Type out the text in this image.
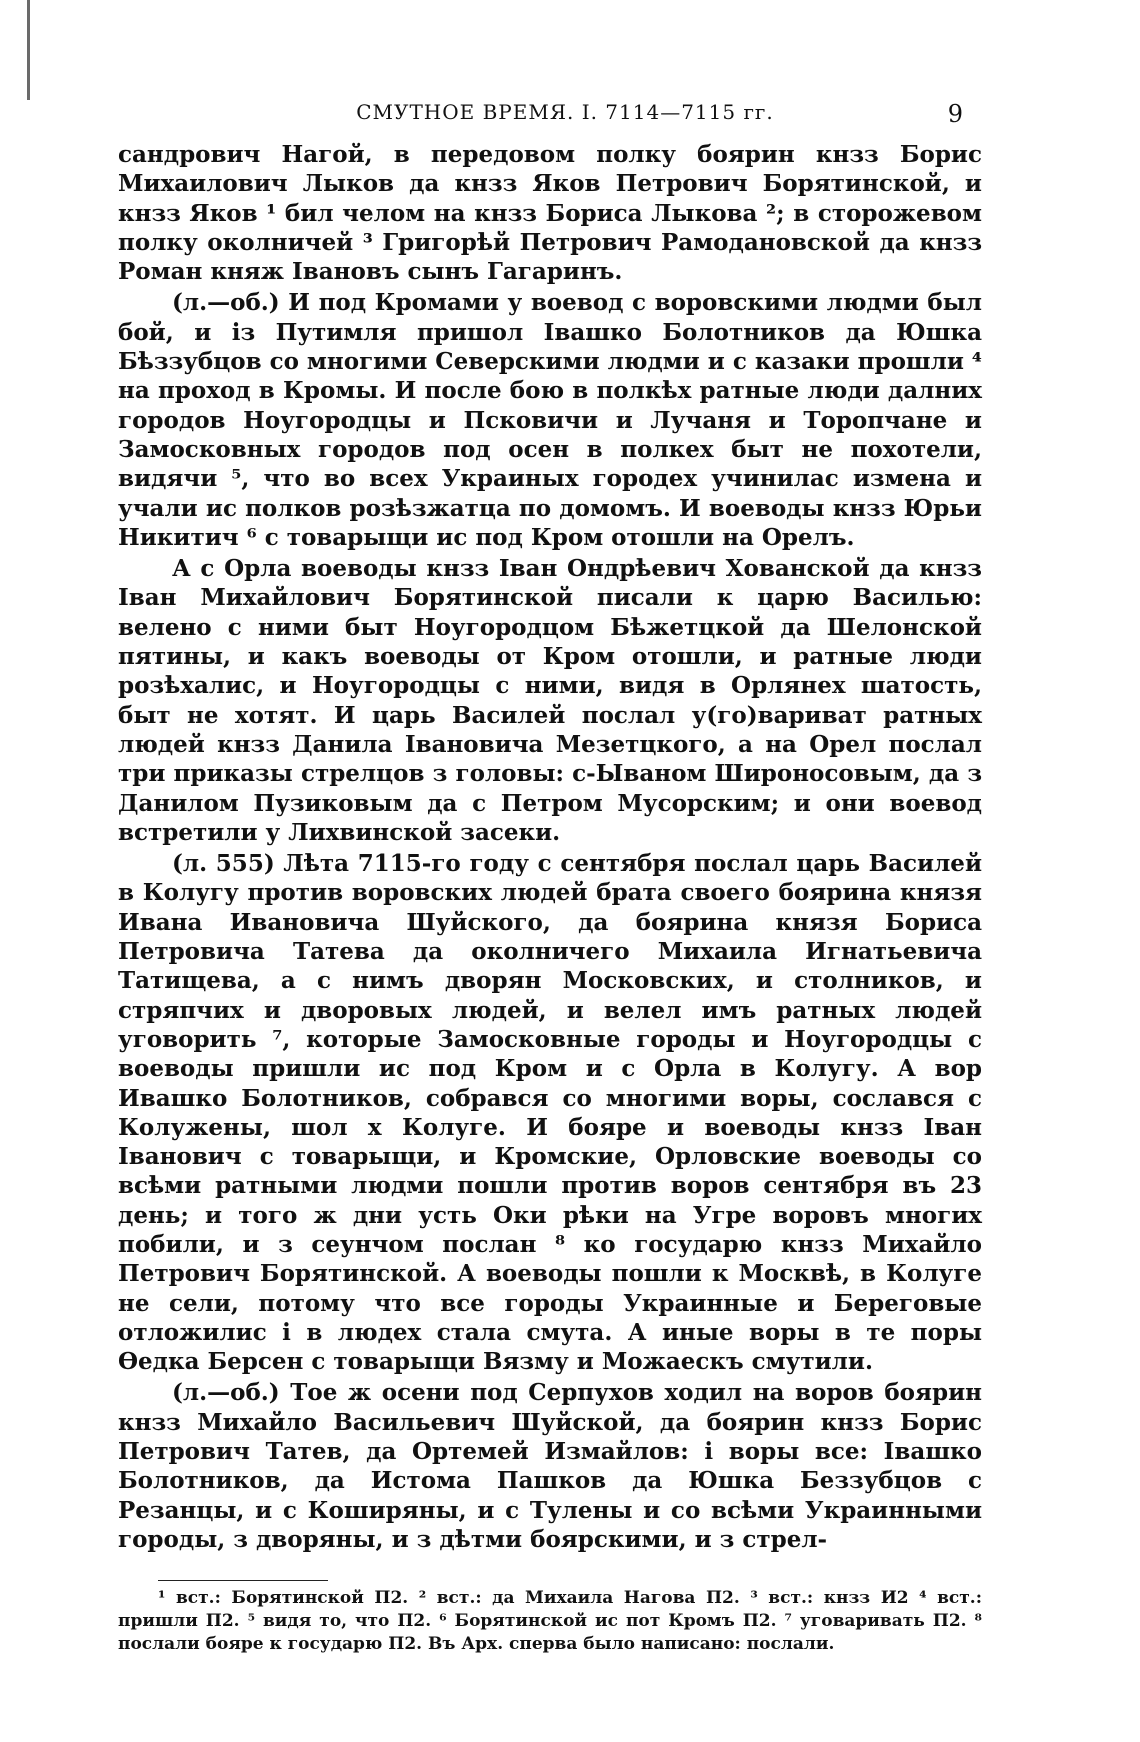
СМУТНОЕ ВРЕМЯ. I. 7114—7115 гг.	9

сандрович Нагой, в передовом полку боярин кнзз Борис Михаилович Лыков да кнзз Яков Петрович Борятинской, и кнзз Яков ¹ бил челом на кнзз Бориса Лыкова ²; в сторожевом полку околничей ³ Григорѣй Петрович Рамодановской да кнзз Роман княж Івановъ сынъ Гагаринъ.

(л.—об.) И под Кромами у воевод с воровскими людми был бой, и із Путимля пришол Івашко Болотников да Юшка Бѣззубцов со многими Северскими людми и с казаки прошли ⁴ на проход в Кромы. И после бою в полкѣх ратные люди далних городов Ноугородцы и Псковичи и Лучаня и Торопчане и Замосковных городов под осен в полкех быт не похотели, видячи ⁵, что во всех Украиных городех учинилас измена и учали ис полков розѣзжатца по домомъ. И воеводы кнзз Юрьи Никитич ⁶ с товарыщи ис под Кром отошли на Орелъ.

А с Орла воеводы кнзз Іван Ондрѣевич Хованской да кнзз Іван Михайлович Борятинской писали к царю Василью: велено с ними быт Ноугородцом Бѣжетцкой да Шелонской пятины, и какъ воеводы от Кром отошли, и ратные люди розѣхалис, и Ноугородцы с ними, видя в Орлянех шатость, быт не хотят. И царь Василей послал у(го)вариват ратных людей кнзз Данила Івановича Мезетцкого, а на Орел послал три приказы стрелцов з головы: с-Ываном Широносовым, да з Данилом Пузиковым да с Петром Мусорским; и они воевод встретили у Лихвинской засеки.

(л. 555) Лѣта 7115-го году с сентября послал царь Василей в Колугу против воровских людей брата своего боярина князя Ивана Ивановича Шуйского, да боярина князя Бориса Петровича Татева да околничего Михаила Игнатьевича Татищева, а с нимъ дворян Московских, и столников, и стряпчих и дворовых людей, и велел имъ ратных людей уговорить ⁷, которые Замосковные городы и Ноугородцы с воеводы пришли ис под Кром и с Орла в Колугу. А вор Ивашко Болотников, собрався со многими воры, сослався с Колужены, шол х Колуге. И бояре и воеводы кнзз Іван Іванович с товарыщи, и Кромские, Орловские воеводы со всѣми ратными людми пошли против воров сентября въ 23 день; и того ж дни усть Оки рѣки на Угре воровъ многих побили, и з сеунчом послан ⁸ ко государю кнзз Михайло Петрович Борятинской. А воеводы пошли к Москвѣ, в Колуге не сели, потому что все городы Украинные и Береговые отложилис і в людех стала смута. А иные воры в те поры Өедка Берсен с товарыщи Вязму и Можаескъ смутили.

(л.—об.) Тое ж осени под Серпухов ходил на воров боярин кнзз Михайло Васильевич Шуйской, да боярин кнзз Борис Петрович Татев, да Ортемей Измайлов: і воры все: Івашко Болотников, да Истома Пашков да Юшка Беззубцов с Резанцы, и с Коширяны, и с Тулены и со всѣми Украинными городы, з дворяны, и з дѣтми боярскими, и з стрел-

¹ вст.: Борятинской П2. ² вст.: да Михаила Нагова П2. ³ вст.: кнзз И2 ⁴ вст.: пришли П2. ⁵ видя то, что П2. ⁶ Борятинской ис пот Кромъ П2. ⁷ уговаривать П2. ⁸ послали бояре к государю П2. Въ Арх. сперва было написано: послали.
